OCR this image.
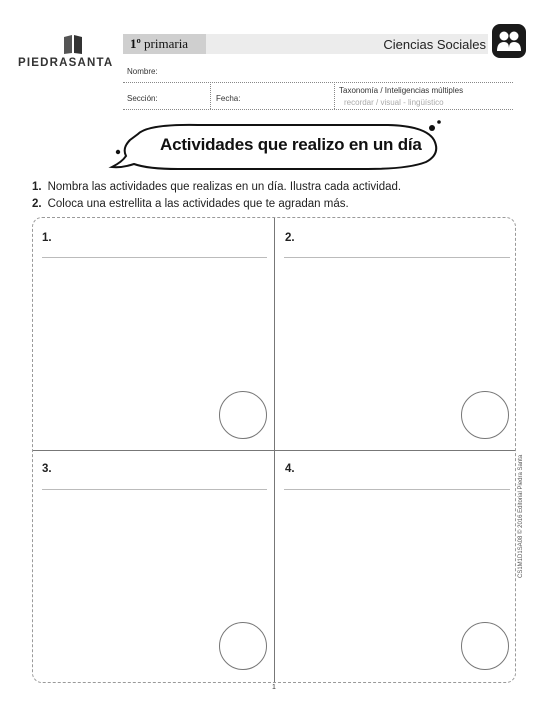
PIEDRASANTA
1º primaria	Ciencias Sociales
Nombre:
Sección:	Fecha:
Taxonomía / Inteligencias múltiples
recordar / visual - lingüístico
Actividades que realizo en un día
1. Nombra las actividades que realizas en un día. Ilustra cada actividad.
2. Coloca una estrellita a las actividades que te agradan más.
1.	2.
3.	4.
1
CS1M1D1SA08 © 2016 Editorial Piedra Santa
